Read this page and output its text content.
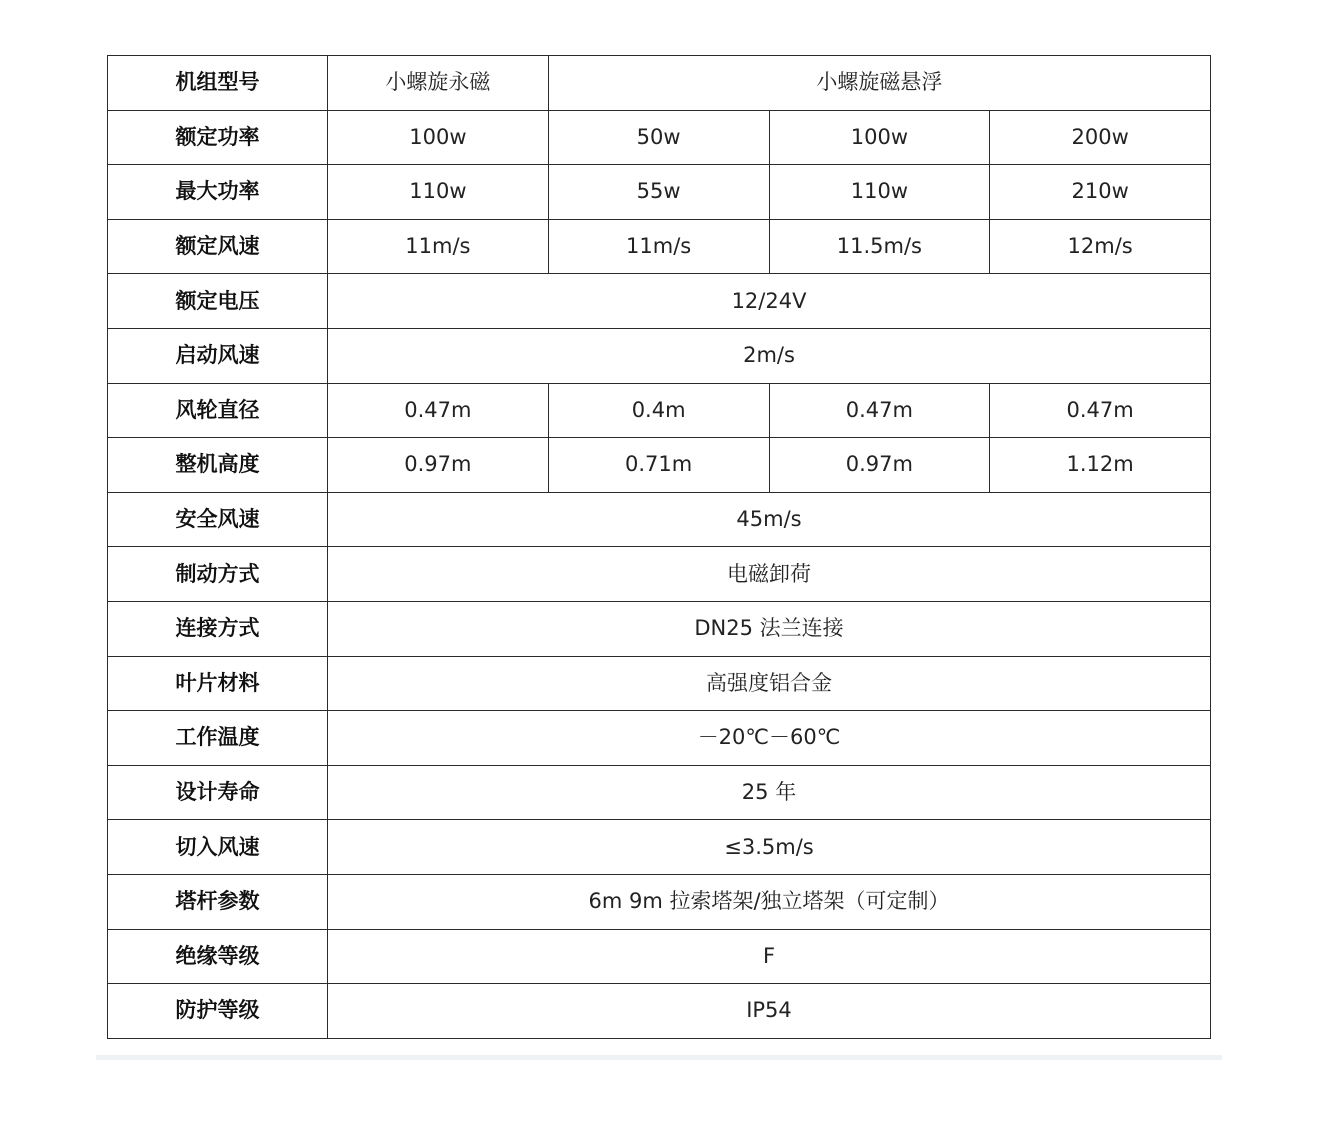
机组型号	小螺旋永磁	小螺旋磁悬浮		
额定功率	100w	50w	100w	200w
最大功率	110w	55w	110w	210w
额定风速	11m/s	11m/s	11.5m/s	12m/s
额定电压	12/24V			
启动风速	2m/s			
风轮直径	0.47m	0.4m	0.47m	0.47m
整机高度	0.97m	0.71m	0.97m	1.12m
安全风速	45m/s			
制动方式	电磁卸荷			
连接方式	DN25 法兰连接			
叶片材料	高强度铝合金			
工作温度	－20℃－60℃			
设计寿命	25 年			
切入风速	≤3.5m/s			
塔杆参数	6m 9m 拉索塔架/独立塔架（可定制）			
绝缘等级	F			
防护等级	IP54			
